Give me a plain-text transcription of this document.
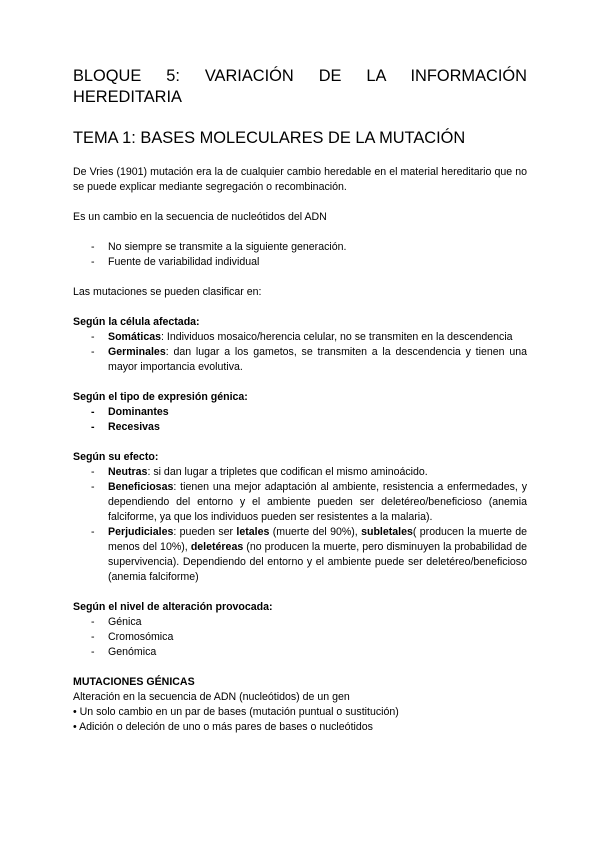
BLOQUE 5: VARIACIÓN DE LA INFORMACIÓN
HEREDITARIA
TEMA 1: BASES MOLECULARES DE LA MUTACIÓN

De Vries (1901) mutación era la de cualquier cambio heredable en el material hereditario que no se puede explicar mediante segregación o recombinación.

Es un cambio en la secuencia de nucleótidos del ADN

- No siempre se transmite a la siguiente generación.
- Fuente de variabilidad individual

Las mutaciones se pueden clasificar en:

Según la célula afectada:

- Somáticas: Individuos mosaico/herencia celular, no se transmiten en la descendencia
- Germinales: dan lugar a los gametos, se transmiten a la descendencia y tienen una mayor importancia evolutiva.

Según el tipo de expresión génica:

- Dominantes
- Recesivas

Según su efecto:

- Neutras: si dan lugar a tripletes que codifican el mismo aminoácido.
- Beneficiosas: tienen una mejor adaptación al ambiente, resistencia a enfermedades, y dependiendo del entorno y el ambiente pueden ser deletéreo/beneficioso (anemia falciforme, ya que los individuos pueden ser resistentes a la malaria).
- Perjudiciales: pueden ser letales (muerte del 90%), subletales( producen la muerte de menos del 10%), deletéreas (no producen la muerte, pero disminuyen la probabilidad de supervivencia). Dependiendo del entorno y el ambiente puede ser deletéreo/beneficioso (anemia falciforme)

Según el nivel de alteración provocada:

- Génica
- Cromosómica
- Genómica

MUTACIONES GÉNICAS

Alteración en la secuencia de ADN (nucleótidos) de un gen

• Un solo cambio en un par de bases (mutación puntual o sustitución)

• Adición o deleción de uno o más pares de bases o nucleótidos
